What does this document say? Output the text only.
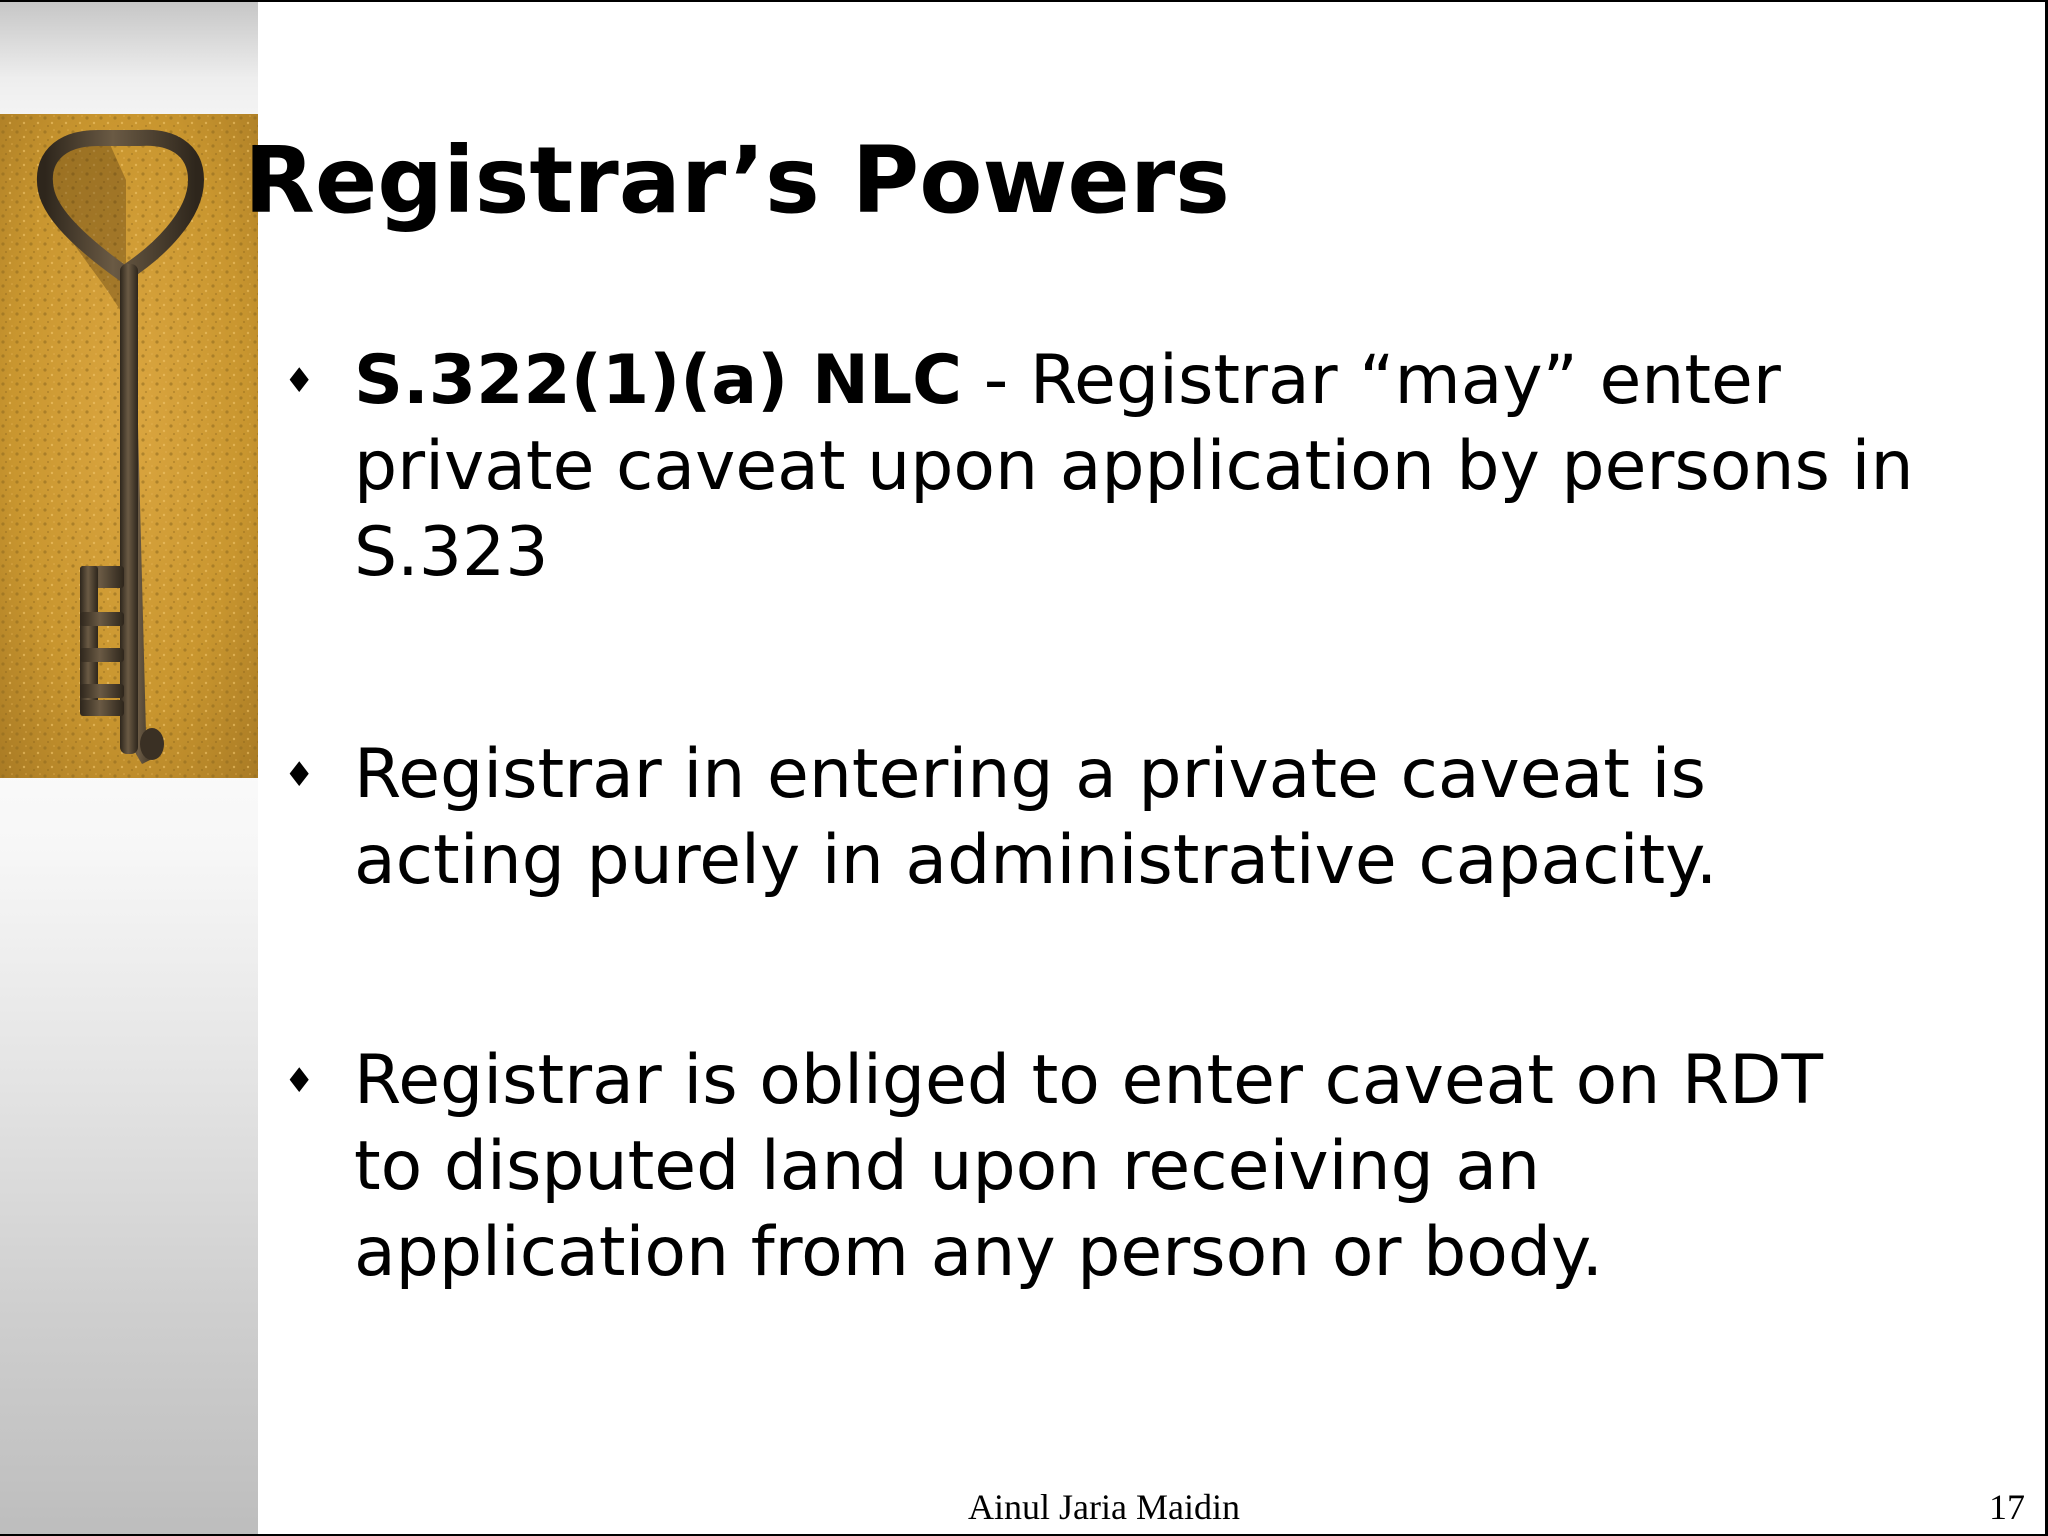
Registrar’s Powers
♦ S.322(1)(a) NLC - Registrar “may” enter
private caveat upon application by persons in
S.323
♦ Registrar in entering a private caveat is
acting purely in administrative capacity.
♦ Registrar is obliged to enter caveat on RDT
to disputed land upon receiving an
application from any person or body.
Ainul Jaria Maidin	17
